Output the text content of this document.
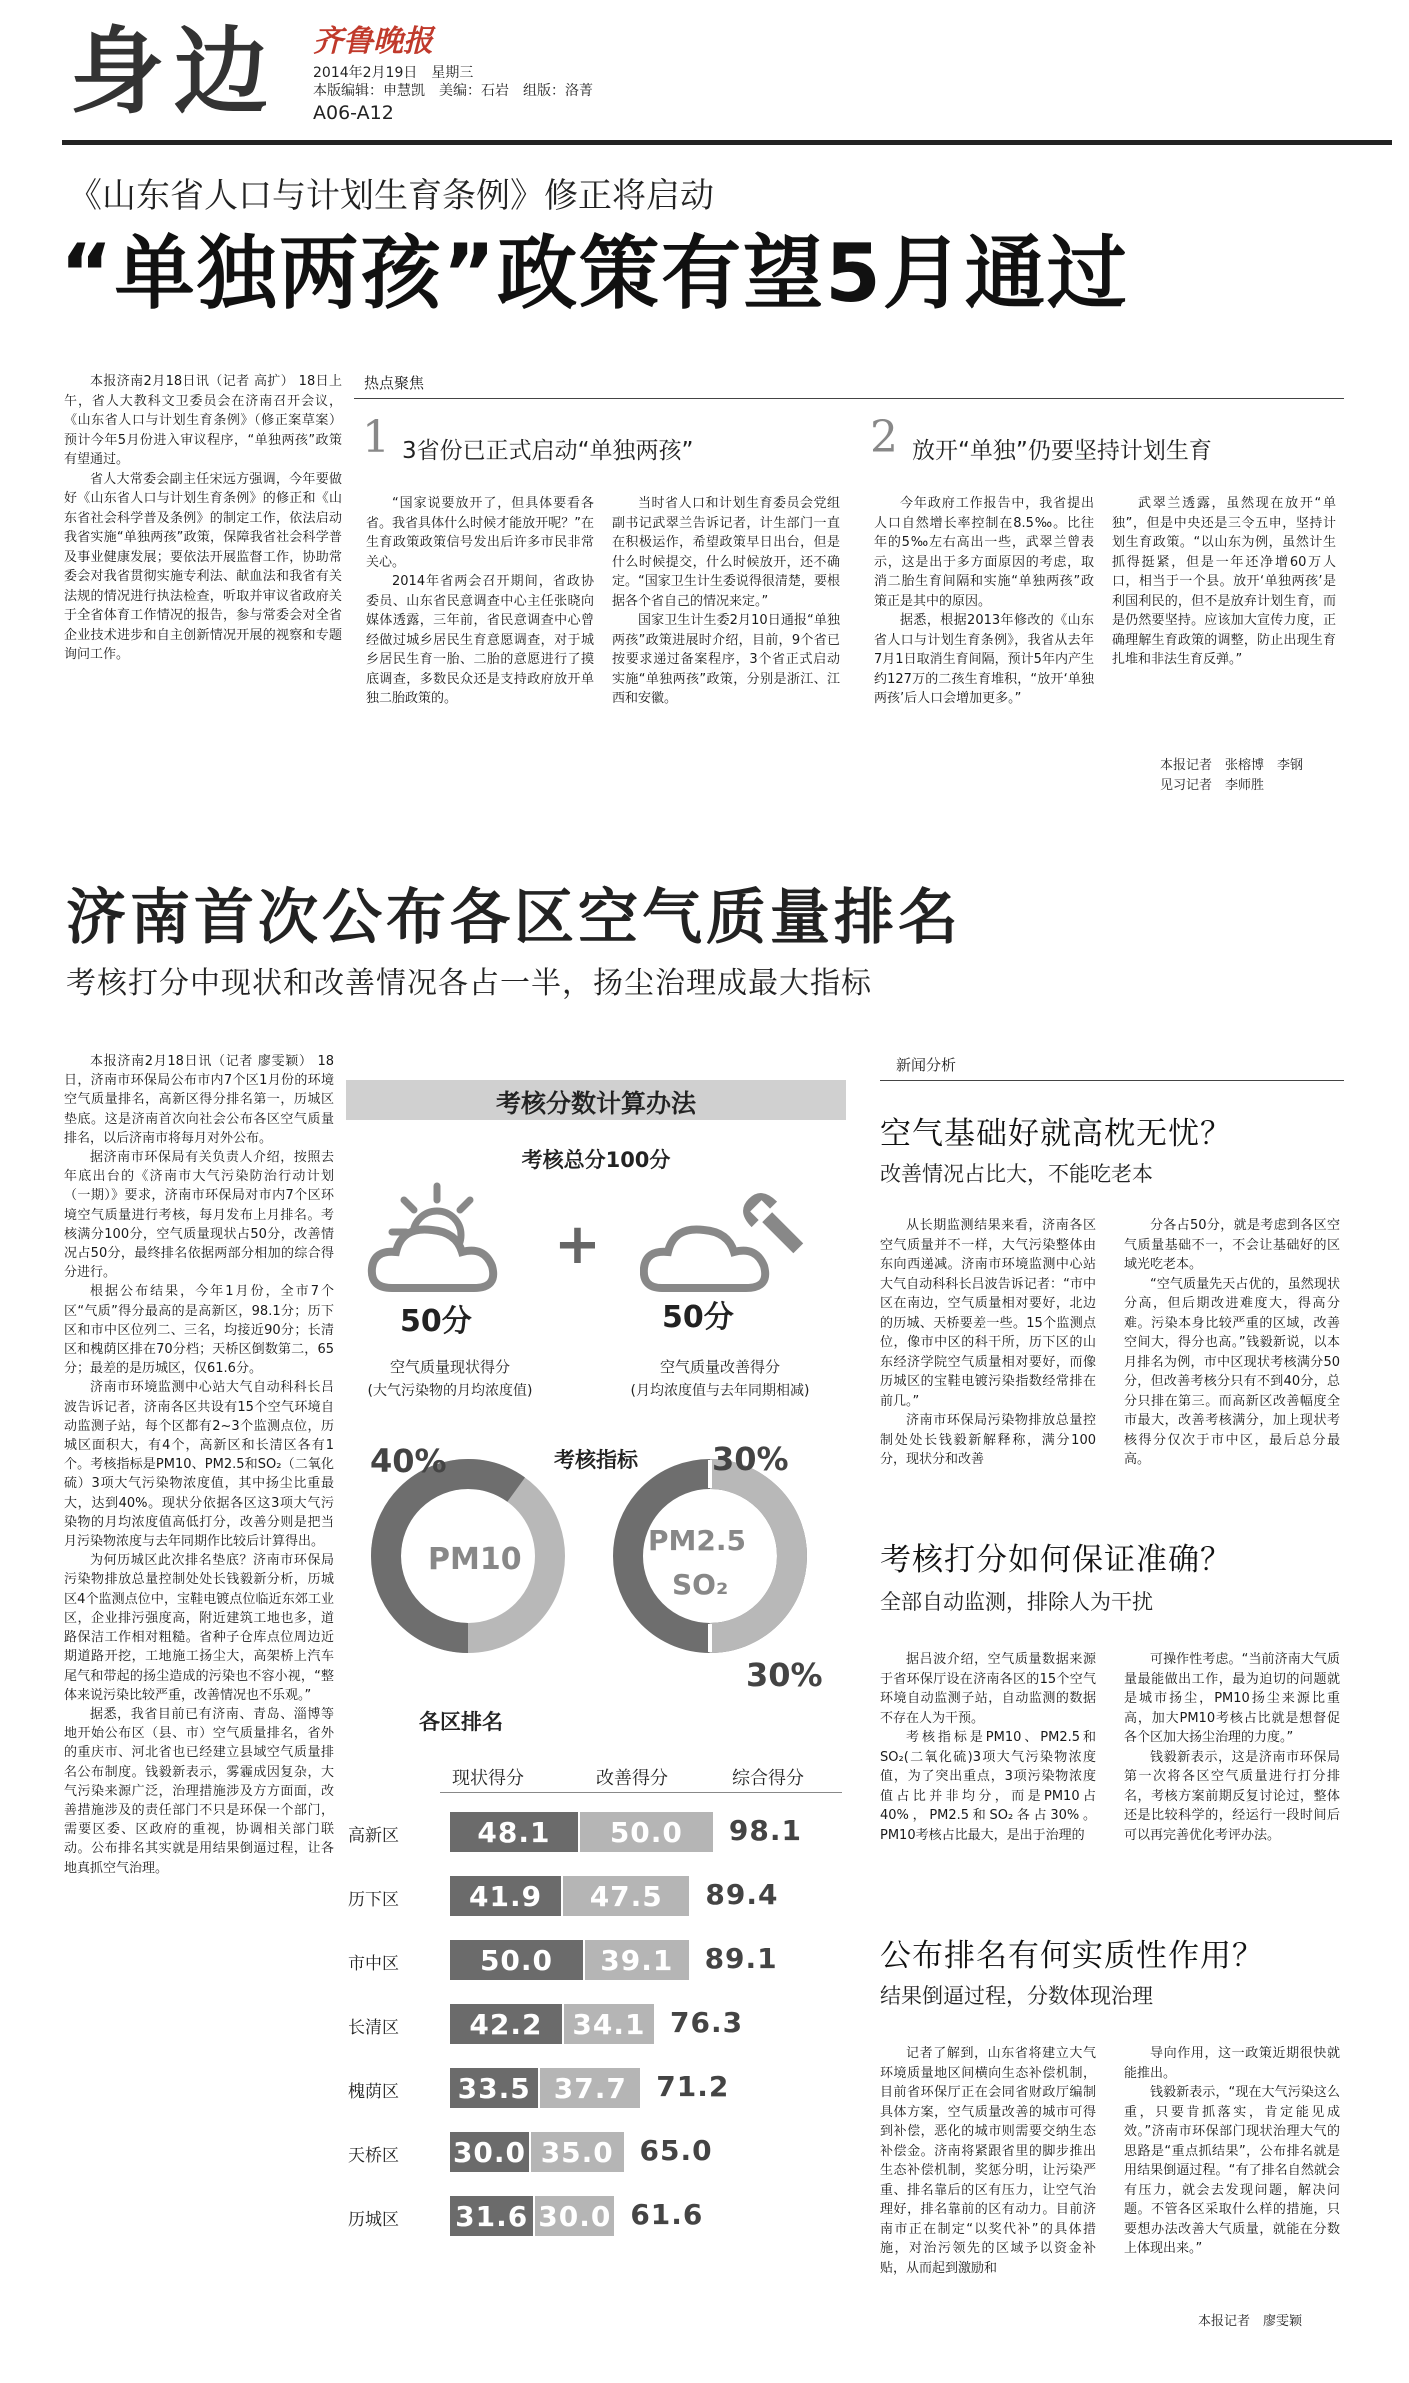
身边 齐鲁晚报
2014年2月19日　星期三
本版编辑：申慧凯　美编：石岩　组版：洛菁
A06-A12
《山东省人口与计划生育条例》修正将启动
“单独两孩”政策有望5月通过

本报济南2月18日讯（记者 高扩） 18日上午，省人大教科文卫委员会在济南召开会议，《山东省人口与计划生育条例》（修正案草案）预计今年5月份进入审议程序，“单独两孩”政策有望通过。

省人大常委会副主任宋远方强调，今年要做好《山东省人口与计划生育条例》的修正和《山东省社会科学普及条例》的制定工作，依法启动我省实施“单独两孩”政策，保障我省社会科学普及事业健康发展；要依法开展监督工作，协助常委会对我省贯彻实施专利法、献血法和我省有关法规的情况进行执法检查，听取并审议省政府关于全省体育工作情况的报告，参与常委会对全省企业技术进步和自主创新情况开展的视察和专题询问工作。

热点聚焦
1 3省份已正式启动“单独两孩”

“国家说要放开了，但具体要看各省。我省具体什么时候才能放开呢？”在生育政策政策信号发出后许多市民非常关心。

2014年省两会召开期间，省政协委员、山东省民意调查中心主任张晓向媒体透露，三年前，省民意调查中心曾经做过城乡居民生育意愿调查，对于城乡居民生育一胎、二胎的意愿进行了摸底调查，多数民众还是支持政府放开单独二胎政策的。

当时省人口和计划生育委员会党组副书记武翠兰告诉记者，计生部门一直在积极运作，希望政策早日出台，但是什么时候提交，什么时候放开，还不确定。“国家卫生计生委说得很清楚，要根据各个省自己的情况来定。”

国家卫生计生委2月10日通报“单独两孩”政策进展时介绍，目前，9个省已按要求递过备案程序，3个省正式启动实施“单独两孩”政策，分别是浙江、江西和安徽。

2 放开“单独”仍要坚持计划生育

今年政府工作报告中，我省提出人口自然增长率控制在8.5‰。比往年的5‰左右高出一些，武翠兰曾表示，这是出于多方面原因的考虑，取消二胎生育间隔和实施“单独两孩”政策正是其中的原因。

据悉，根据2013年修改的《山东省人口与计划生育条例》，我省从去年7月1日取消生育间隔，预计5年内产生约127万的二孩生育堆积，“放开‘单独两孩’后人口会增加更多。”

武翠兰透露，虽然现在放开“单独”，但是中央还是三令五申，坚持计划生育政策。“以山东为例，虽然计生抓得挺紧，但是一年还净增60万人口，相当于一个县。放开‘单独两孩’是利国利民的，但不是放弃计划生育，而是仍然要坚持。应该加大宣传力度，正确理解生育政策的调整，防止出现生育扎堆和非法生育反弹。”

本报记者　张榕博　李钢
见习记者　李师胜
济南首次公布各区空气质量排名
考核打分中现状和改善情况各占一半，扬尘治理成最大指标

本报济南2月18日讯（记者 廖雯颖） 18日，济南市环保局公布市内7个区1月份的环境空气质量排名，高新区得分排名第一，历城区垫底。这是济南首次向社会公布各区空气质量排名，以后济南市将每月对外公布。

据济南市环保局有关负责人介绍，按照去年底出台的《济南市大气污染防治行动计划（一期）》要求，济南市环保局对市内7个区环境空气质量进行考核，每月发布上月排名。考核满分100分，空气质量现状占50分，改善情况占50分，最终排名依据两部分相加的综合得分进行。

根据公布结果，今年1月份，全市7个区“气质”得分最高的是高新区，98.1分；历下区和市中区位列二、三名，均接近90分；长清区和槐荫区排在70分档；天桥区倒数第二，65分；最差的是历城区，仅61.6分。

济南市环境监测中心站大气自动科科长吕波告诉记者，济南各区共设有15个空气环境自动监测子站，每个区都有2~3个监测点位，历城区面积大，有4个，高新区和长清区各有1个。考核指标是PM10、PM2.5和SO₂（二氧化硫）3项大气污染物浓度值，其中扬尘比重最大，达到40%。现状分依据各区这3项大气污染物的月均浓度值高低打分，改善分则是把当月污染物浓度与去年同期作比较后计算得出。

为何历城区此次排名垫底？济南市环保局污染物排放总量控制处处长钱毅新分析，历城区4个监测点位中，宝鞋电镀点位临近东郊工业区，企业排污强度高，附近建筑工地也多，道路保洁工作相对粗糙。省种子仓库点位周边近期道路开挖，工地施工扬尘大，高架桥上汽车尾气和带起的扬尘造成的污染也不容小视，“整体来说污染比较严重，改善情况也不乐观。”

据悉，我省目前已有济南、青岛、淄博等地开始公布区（县、市）空气质量排名，省外的重庆市、河北省也已经建立县域空气质量排名公布制度。钱毅新表示，雾霾成因复杂，大气污染来源广泛，治理措施涉及方方面面，改善措施涉及的责任部门不只是环保一个部门，需要区委、区政府的重视，协调相关部门联动。公布排名其实就是用结果倒逼过程，让各地真抓空气治理。

考核分数计算办法
考核总分100分
+
50分	50分
空气质量现状得分
(大气污染物的月均浓度值)
空气质量改善得分
(月均浓度值与去年同期相减)
考核指标
40%
PM10
30%
PM2.5
SO₂
30%
各区排名
现状得分	改善得分	综合得分
高新区	48.1	50.0	98.1
历下区	41.9	47.5	89.4
市中区	50.0	39.1	89.1
长清区	42.2	34.1 76.3
槐荫区 33.5 37.7	71.2
天桥区 30.0 35.0 65.0
历城区 31.6 30.0 61.6
新闻分析
空气基础好就高枕无忧？
改善情况占比大，不能吃老本

从长期监测结果来看，济南各区空气质量并不一样，大气污染整体由东向西递减。济南市环境监测中心站大气自动科科长吕波告诉记者：“市中区在南边，空气质量相对要好，北边的历城、天桥要差一些。15个监测点位，像市中区的科干所，历下区的山东经济学院空气质量相对要好，而像历城区的宝鞋电镀污染指数经常排在前几。”

济南市环保局污染物排放总量控制处处长钱毅新解释称，满分100分，现状分和改善

分各占50分，就是考虑到各区空气质量基础不一，不会让基础好的区域光吃老本。

“空气质量先天占优的，虽然现状分高，但后期改进难度大，得高分难。污染本身比较严重的区域，改善空间大，得分也高。”钱毅新说，以本月排名为例，市中区现状考核满分50分，但改善考核分只有不到40分，总分只排在第三。而高新区改善幅度全市最大，改善考核满分，加上现状考核得分仅次于市中区，最后总分最高。

考核打分如何保证准确？
全部自动监测，排除人为干扰

据吕波介绍，空气质量数据来源于省环保厅设在济南各区的15个空气环境自动监测子站，自动监测的数据不存在人为干预。

考核指标是PM10、PM2.5和SO₂(二氧化硫)3项大气污染物浓度值，为了突出重点，3项污染物浓度值占比并非均分，而是PM10占40%，PM2.5和SO₂各占30%。PM10考核占比最大，是出于治理的

可操作性考虑。“当前济南大气质量最能做出工作，最为迫切的问题就是城市扬尘，PM10扬尘来源比重高，加大PM10考核占比就是想督促各个区加大扬尘治理的力度。”

钱毅新表示，这是济南市环保局第一次将各区空气质量进行打分排名，考核方案前期反复讨论过，整体还是比较科学的，经运行一段时间后可以再完善优化考评办法。

公布排名有何实质性作用？
结果倒逼过程，分数体现治理

记者了解到，山东省将建立大气环境质量地区间横向生态补偿机制，目前省环保厅正在会同省财政厅编制具体方案，空气质量改善的城市可得到补偿，恶化的城市则需要交纳生态补偿金。济南将紧跟省里的脚步推出生态补偿机制，奖惩分明，让污染严重、排名靠后的区有压力，让空气治理好，排名靠前的区有动力。目前济南市正在制定“以奖代补”的具体措施，对治污领先的区域予以资金补贴，从而起到激励和

导向作用，这一政策近期很快就能推出。

钱毅新表示，“现在大气污染这么重，只要肯抓落实，肯定能见成效。”济南市环保部门现状治理大气的思路是“重点抓结果”，公布排名就是用结果倒逼过程。“有了排名自然就会有压力，就会去发现问题，解决问题。不管各区采取什么样的措施，只要想办法改善大气质量，就能在分数上体现出来。”

本报记者　廖雯颖
